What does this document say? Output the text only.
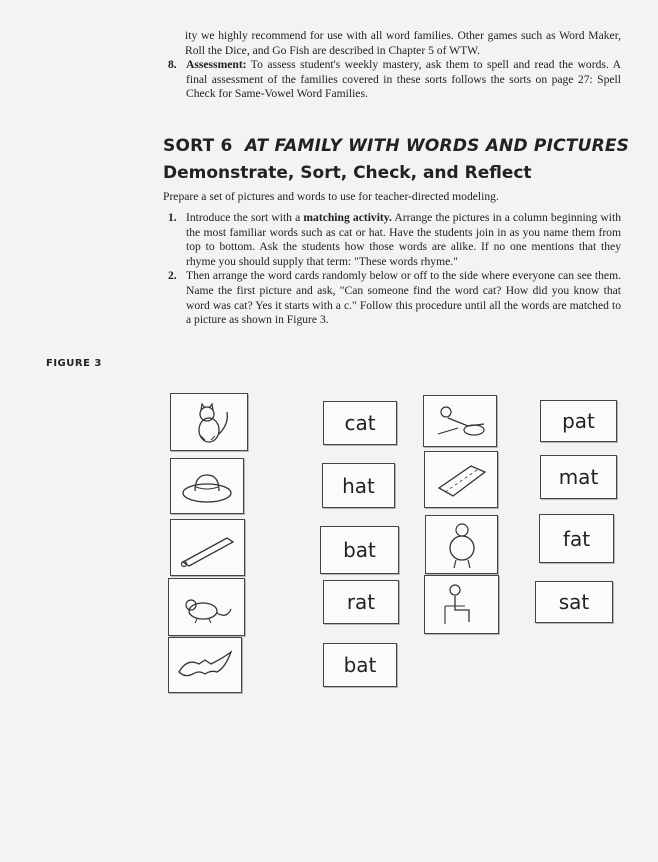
ity we highly recommend for use with all word families. Other games such as Word Maker, Roll the Dice, and Go Fish are described in Chapter 5 of WTW.

8. Assessment: To assess student's weekly mastery, ask them to spell and read the words. A final assessment of the families covered in these sorts follows the sorts on page 27: Spell Check for Same-Vowel Word Families.
SORT 6 AT FAMILY WITH WORDS AND PICTURES
Demonstrate, Sort, Check, and Reflect

Prepare a set of pictures and words to use for teacher-directed modeling.

1. Introduce the sort with a matching activity. Arrange the pictures in a column beginning with the most familiar words such as cat or hat. Have the students join in as you name them from top to bottom. Ask the students how those words are alike. If no one mentions that they rhyme you should supply that term: "These words rhyme."
2. Then arrange the word cards randomly below or off to the side where everyone can see them. Name the first picture and ask, "Can someone find the word cat? How did you know that word was cat? Yes it starts with a c." Follow this procedure until all the words are matched to a picture as shown in Figure 3.
FIGURE 3
cat
hat
bat
rat
bat
pat
mat
fat
sat
